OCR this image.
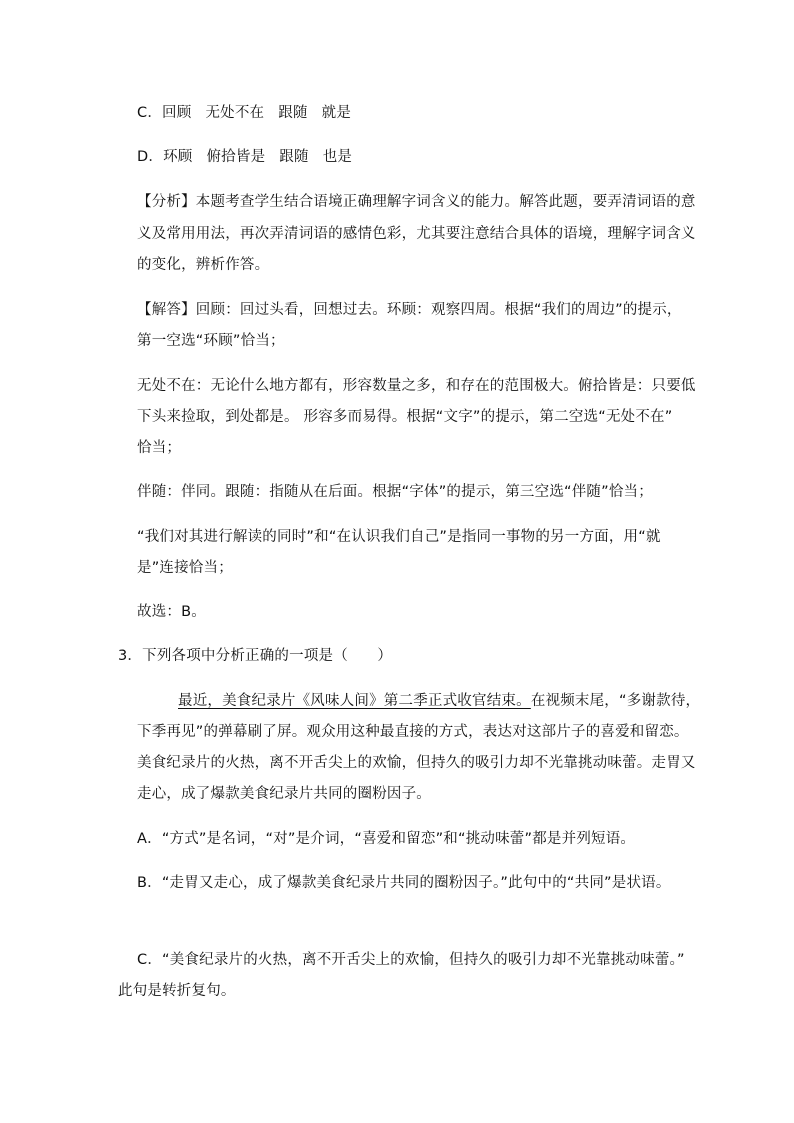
C．回顾 无处不在 跟随 就是

D．环顾 俯拾皆是 跟随 也是

【分析】本题考查学生结合语境正确理解字词含义的能力。解答此题，要弄清词语的意

义及常用用法，再次弄清词语的感情色彩，尤其要注意结合具体的语境，理解字词含义

的变化，辨析作答。

【解答】回顾：回过头看，回想过去。环顾：观察四周。根据“我们的周边”的提示，

第一空选“环顾”恰当；

无处不在：无论什么地方都有，形容数量之多，和存在的范围极大。俯拾皆是：只要低

下头来捡取，到处都是。 形容多而易得。根据“文字”的提示，第二空选“无处不在”

恰当；

伴随：伴同。跟随：指随从在后面。根据“字体”的提示，第三空选“伴随”恰当；

“我们对其进行解读的同时”和“在认识我们自己”是指同一事物的另一方面，用“就

是”连接恰当；

故选：B。

3．下列各项中分析正确的一项是（　　）

最近，美食纪录片《风味人间》第二季正式收官结束。在视频末尾，“多谢款待，

下季再见”的弹幕刷了屏。观众用这种最直接的方式，表达对这部片子的喜爱和留恋。

美食纪录片的火热，离不开舌尖上的欢愉，但持久的吸引力却不光靠挑动味蕾。走胃又

走心，成了爆款美食纪录片共同的圈粉因子。

A．“方式”是名词，“对”是介词，“喜爱和留恋”和“挑动味蕾”都是并列短语。

B．“走胃又走心，成了爆款美食纪录片共同的圈粉因子。”此句中的“共同”是状语。

C．“美食纪录片的火热，离不开舌尖上的欢愉，但持久的吸引力却不光靠挑动味蕾。”

此句是转折复句。
